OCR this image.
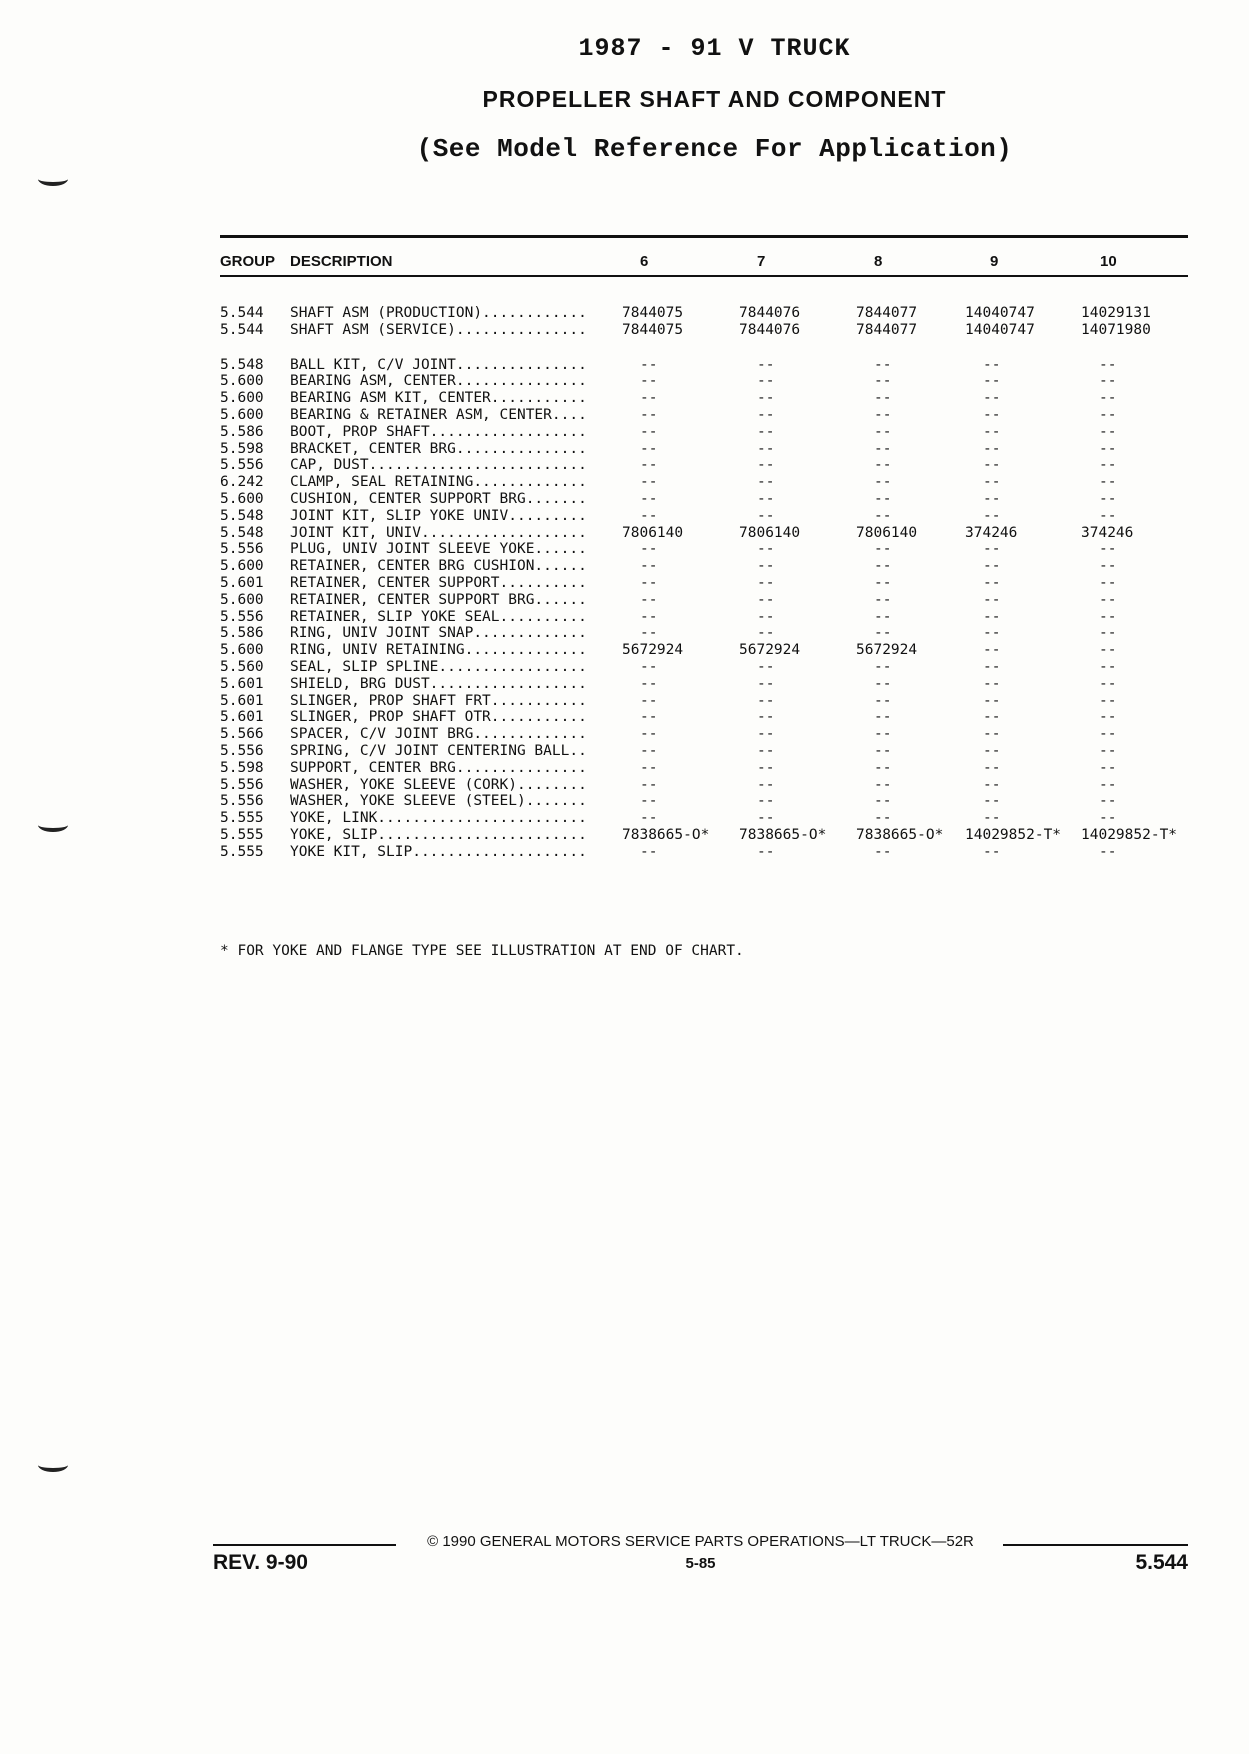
1987 - 91 V TRUCK
PROPELLER SHAFT AND COMPONENT
(See Model Reference For Application)
GROUP DESCRIPTION	6	7	8	9	10
5.544 SHAFT ASM (PRODUCTION)............	7844075	7844076	7844077	14040747	14029131
5.544 SHAFT ASM (SERVICE)...............	7844075	7844076	7844077	14040747	14071980
5.548 BALL KIT, C/V JOINT...............	--	--	--	--	--
5.600 BEARING ASM, CENTER...............	--	--	--	--	--
5.600 BEARING ASM KIT, CENTER...........	--	--	--	--	--
5.600 BEARING & RETAINER ASM, CENTER....	--	--	--	--	--
5.586 BOOT, PROP SHAFT..................	--	--	--	--	--
5.598 BRACKET, CENTER BRG...............	--	--	--	--	--
5.556 CAP, DUST.........................	--	--	--	--	--
6.242 CLAMP, SEAL RETAINING.............	--	--	--	--	--
5.600 CUSHION, CENTER SUPPORT BRG.......	--	--	--	--	--
5.548 JOINT KIT, SLIP YOKE UNIV.........	--	--	--	--	--
5.548 JOINT KIT, UNIV...................	7806140	7806140	7806140	374246	374246
5.556 PLUG, UNIV JOINT SLEEVE YOKE......	--	--	--	--	--
5.600 RETAINER, CENTER BRG CUSHION......	--	--	--	--	--
5.601 RETAINER, CENTER SUPPORT..........	--	--	--	--	--
5.600 RETAINER, CENTER SUPPORT BRG......	--	--	--	--	--
5.556 RETAINER, SLIP YOKE SEAL..........	--	--	--	--	--
5.586 RING, UNIV JOINT SNAP.............	--	--	--	--	--
5.600 RING, UNIV RETAINING..............	5672924	5672924	5672924	--	--
5.560 SEAL, SLIP SPLINE.................	--	--	--	--	--
5.601 SHIELD, BRG DUST..................	--	--	--	--	--
5.601 SLINGER, PROP SHAFT FRT...........	--	--	--	--	--
5.601 SLINGER, PROP SHAFT OTR...........	--	--	--	--	--
5.566 SPACER, C/V JOINT BRG.............	--	--	--	--	--
5.556 SPRING, C/V JOINT CENTERING BALL..	--	--	--	--	--
5.598 SUPPORT, CENTER BRG...............	--	--	--	--	--
5.556 WASHER, YOKE SLEEVE (CORK)........	--	--	--	--	--
5.556 WASHER, YOKE SLEEVE (STEEL).......	--	--	--	--	--
5.555 YOKE, LINK........................	--	--	--	--	--
5.555 YOKE, SLIP........................	7838665-O* 7838665-O* 7838665-O* 14029852-T* 14029852-T*
5.555 YOKE KIT, SLIP....................	--	--	--	--	--
* FOR YOKE AND FLANGE TYPE SEE ILLUSTRATION AT END OF CHART.
© 1990 GENERAL MOTORS SERVICE PARTS OPERATIONS—LT TRUCK—52R
REV. 9-90	5-85	5.544
